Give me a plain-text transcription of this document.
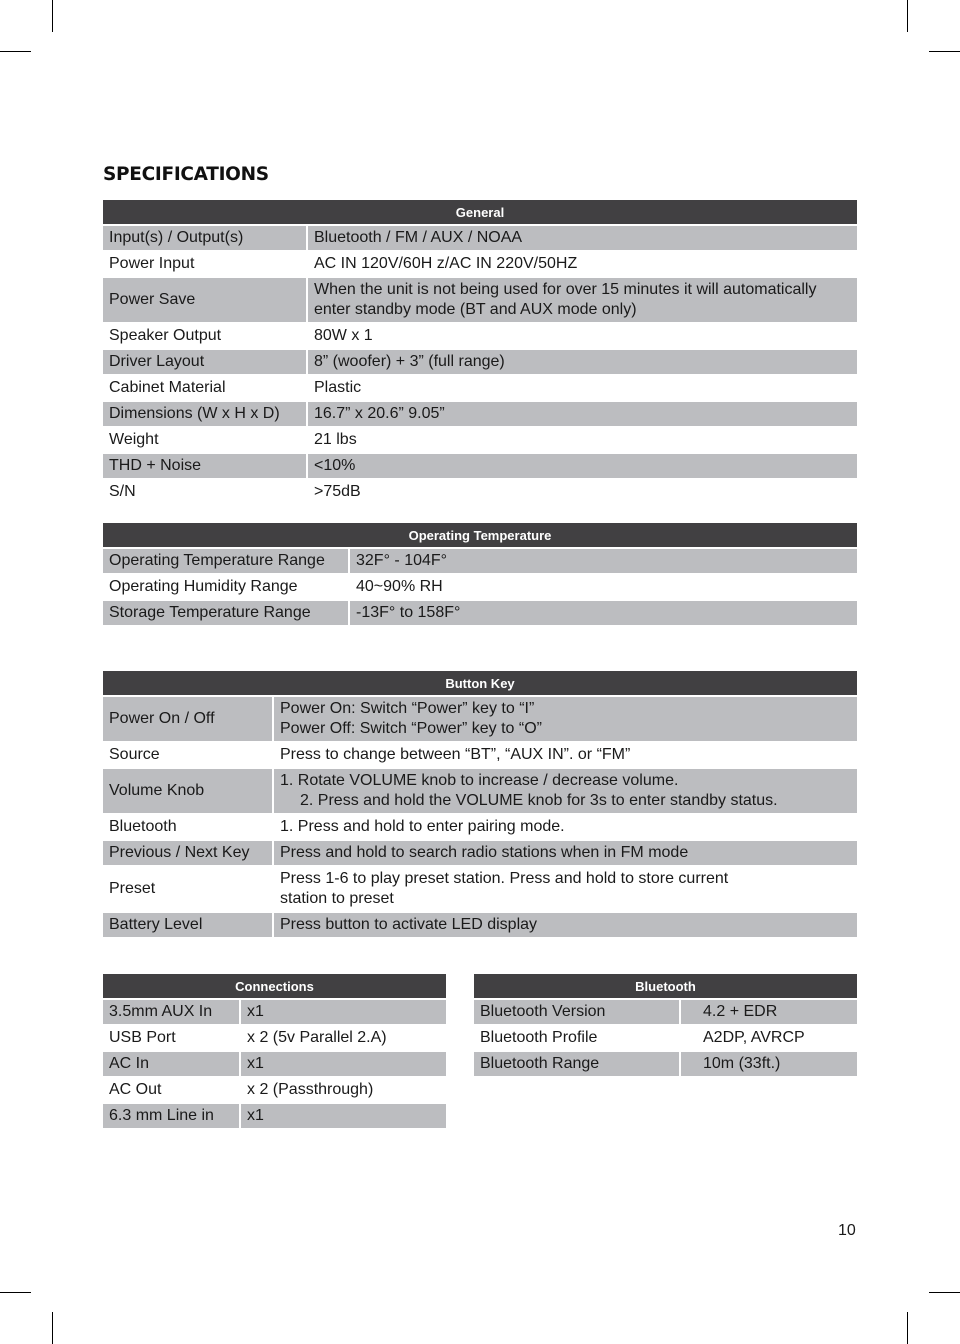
SPECIFICATIONS
General	
Input(s) / Output(s)	Bluetooth / FM / AUX / NOAA
Power Input	AC IN 120V/60H z/AC IN 220V/50HZ
Power Save	When the unit is not being used for over 15 minutes it will automatically
enter standby mode (BT and AUX mode only)

Speaker Output	80W x 1
Driver Layout	8” (woofer) + 3” (full range)
Cabinet Material	Plastic
Dimensions (W x H x D)	16.7” x 20.6” 9.05”
Weight	21 lbs
THD + Noise	<10%
S/N	>75dB
Operating Temperature	
Operating Temperature Range	32F° - 104F°
Operating Humidity Range	40~90% RH
Storage Temperature Range	-13F° to 158F°
Button Key	
Power On / Off	Power On: Switch “Power” key to “I”
Power Off: Switch “Power” key to “O”

Source	Press to change between “BT”, “AUX IN”. or “FM”
Volume Knob	1. Rotate VOLUME knob to increase / decrease volume.
2. Press and hold the VOLUME knob for 3s to enter standby status.

Bluetooth	1. Press and hold to enter pairing mode.
Previous / Next Key	Press and hold to search radio stations when in FM mode
Preset	Press 1-6 to play preset station. Press and hold to store current
station to preset

Battery Level	Press button to activate LED display
Connections	
3.5mm AUX In	x1
USB Port	x 2 (5v Parallel 2.A)
AC In	x1
AC Out	x 2 (Passthrough)
6.3 mm Line in	x1
Bluetooth	
Bluetooth Version	4.2 + EDR
Bluetooth Profile	A2DP, AVRCP
Bluetooth Range	10m (33ft.)
10
